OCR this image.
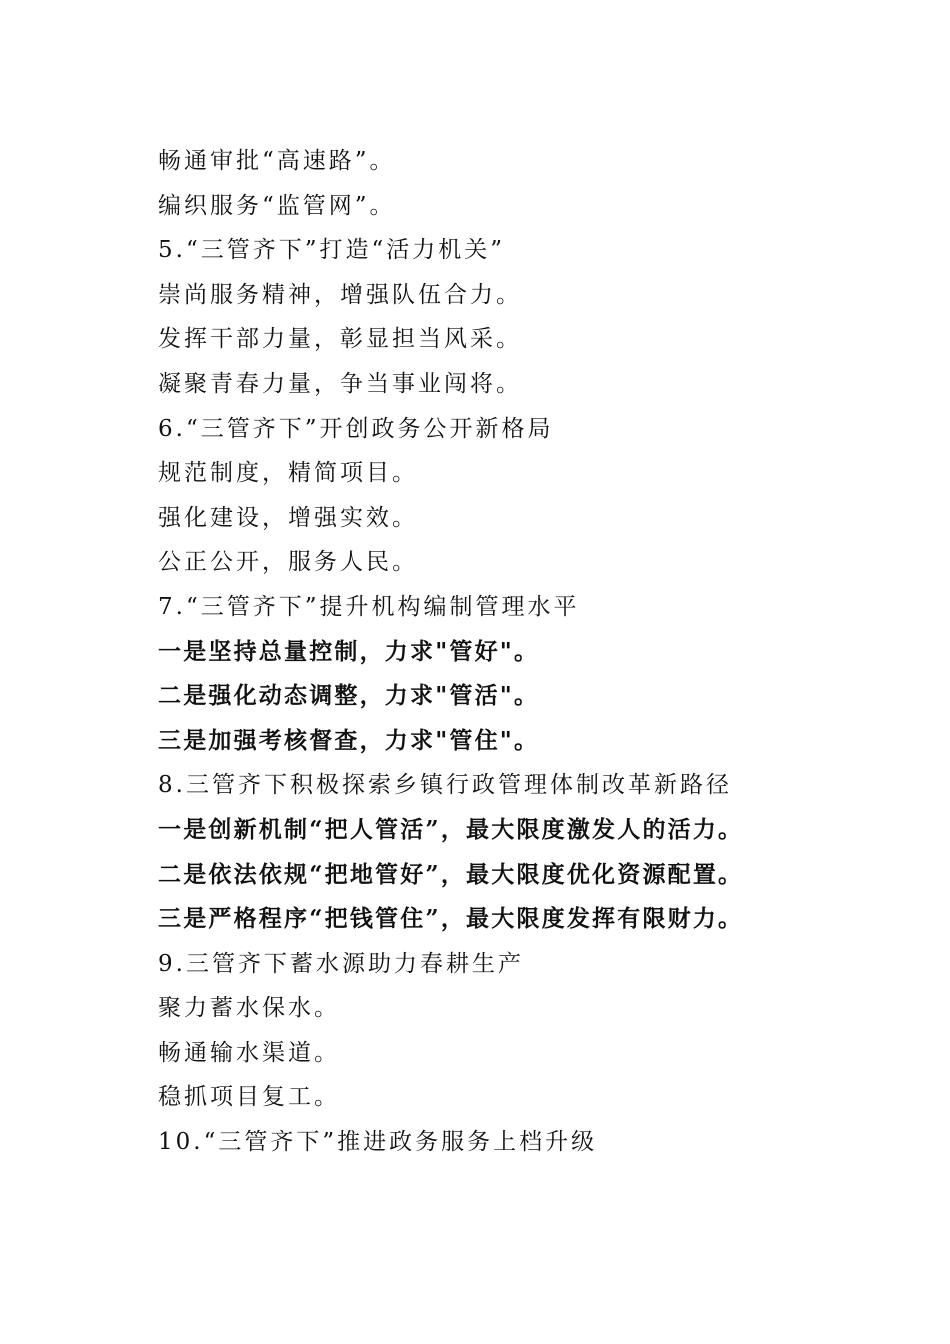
畅通审批“高速路”。
编织服务“监管网”。
5.“三管齐下”打造“活力机关”
崇尚服务精神，增强队伍合力。
发挥干部力量，彰显担当风采。
凝聚青春力量，争当事业闯将。
6.“三管齐下”开创政务公开新格局
规范制度，精简项目。
强化建设，增强实效。
公正公开，服务人民。
7.“三管齐下”提升机构编制管理水平
一是坚持总量控制，力求"管好"。
二是强化动态调整，力求"管活"。
三是加强考核督查，力求"管住"。
8.三管齐下积极探索乡镇行政管理体制改革新路径
一是创新机制“把人管活”，最大限度激发人的活力。
二是依法依规“把地管好”，最大限度优化资源配置。
三是严格程序“把钱管住”，最大限度发挥有限财力。
9.三管齐下蓄水源助力春耕生产
聚力蓄水保水。
畅通输水渠道。
稳抓项目复工。
10.“三管齐下”推进政务服务上档升级
